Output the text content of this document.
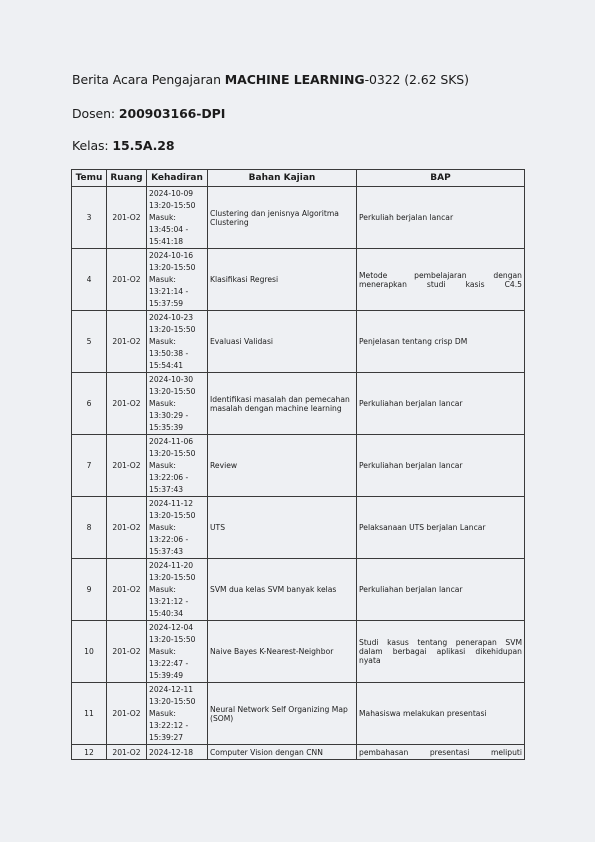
Berita Acara Pengajaran MACHINE LEARNING-0322 (2.62 SKS)
Dosen: 200903166-DPI
Kelas: 15.5A.28
Temu	Ruang	Kehadiran	Bahan Kajian	BAP
3	201-O2	2024-10-09
13:20-15:50
Masuk:
13:45:04 -
15:41:18	Clustering dan jenisnya Algoritma Clustering	Perkuliah berjalan lancar
4	201-O2	2024-10-16
13:20-15:50
Masuk:
13:21:14 -
15:37:59	Klasifikasi Regresi	Metode pembelajaran dengan menerapkan studi kasis C4.5
5	201-O2	2024-10-23
13:20-15:50
Masuk:
13:50:38 -
15:54:41	Evaluasi Validasi	Penjelasan tentang crisp DM
6	201-O2	2024-10-30
13:20-15:50
Masuk:
13:30:29 -
15:35:39	Identifikasi masalah dan pemecahan masalah dengan machine learning	Perkuliahan berjalan lancar
7	201-O2	2024-11-06
13:20-15:50
Masuk:
13:22:06 -
15:37:43	Review	Perkuliahan berjalan lancar
8	201-O2	2024-11-12
13:20-15:50
Masuk:
13:22:06 -
15:37:43	UTS	Pelaksanaan UTS berjalan Lancar
9	201-O2	2024-11-20
13:20-15:50
Masuk:
13:21:12 -
15:40:34	SVM dua kelas SVM banyak kelas	Perkuliahan berjalan lancar
10	201-O2	2024-12-04
13:20-15:50
Masuk:
13:22:47 -
15:39:49	Naive Bayes K-Nearest-Neighbor	Studi kasus tentang penerapan SVM dalam berbagai aplikasi dikehidupan nyata
11	201-O2	2024-12-11
13:20-15:50
Masuk:
13:22:12 -
15:39:27	Neural Network Self Organizing Map (SOM)	Mahasiswa melakukan presentasi
12	201-O2	2024-12-18	Computer Vision dengan CNN	pembahasan presentasi meliputi
